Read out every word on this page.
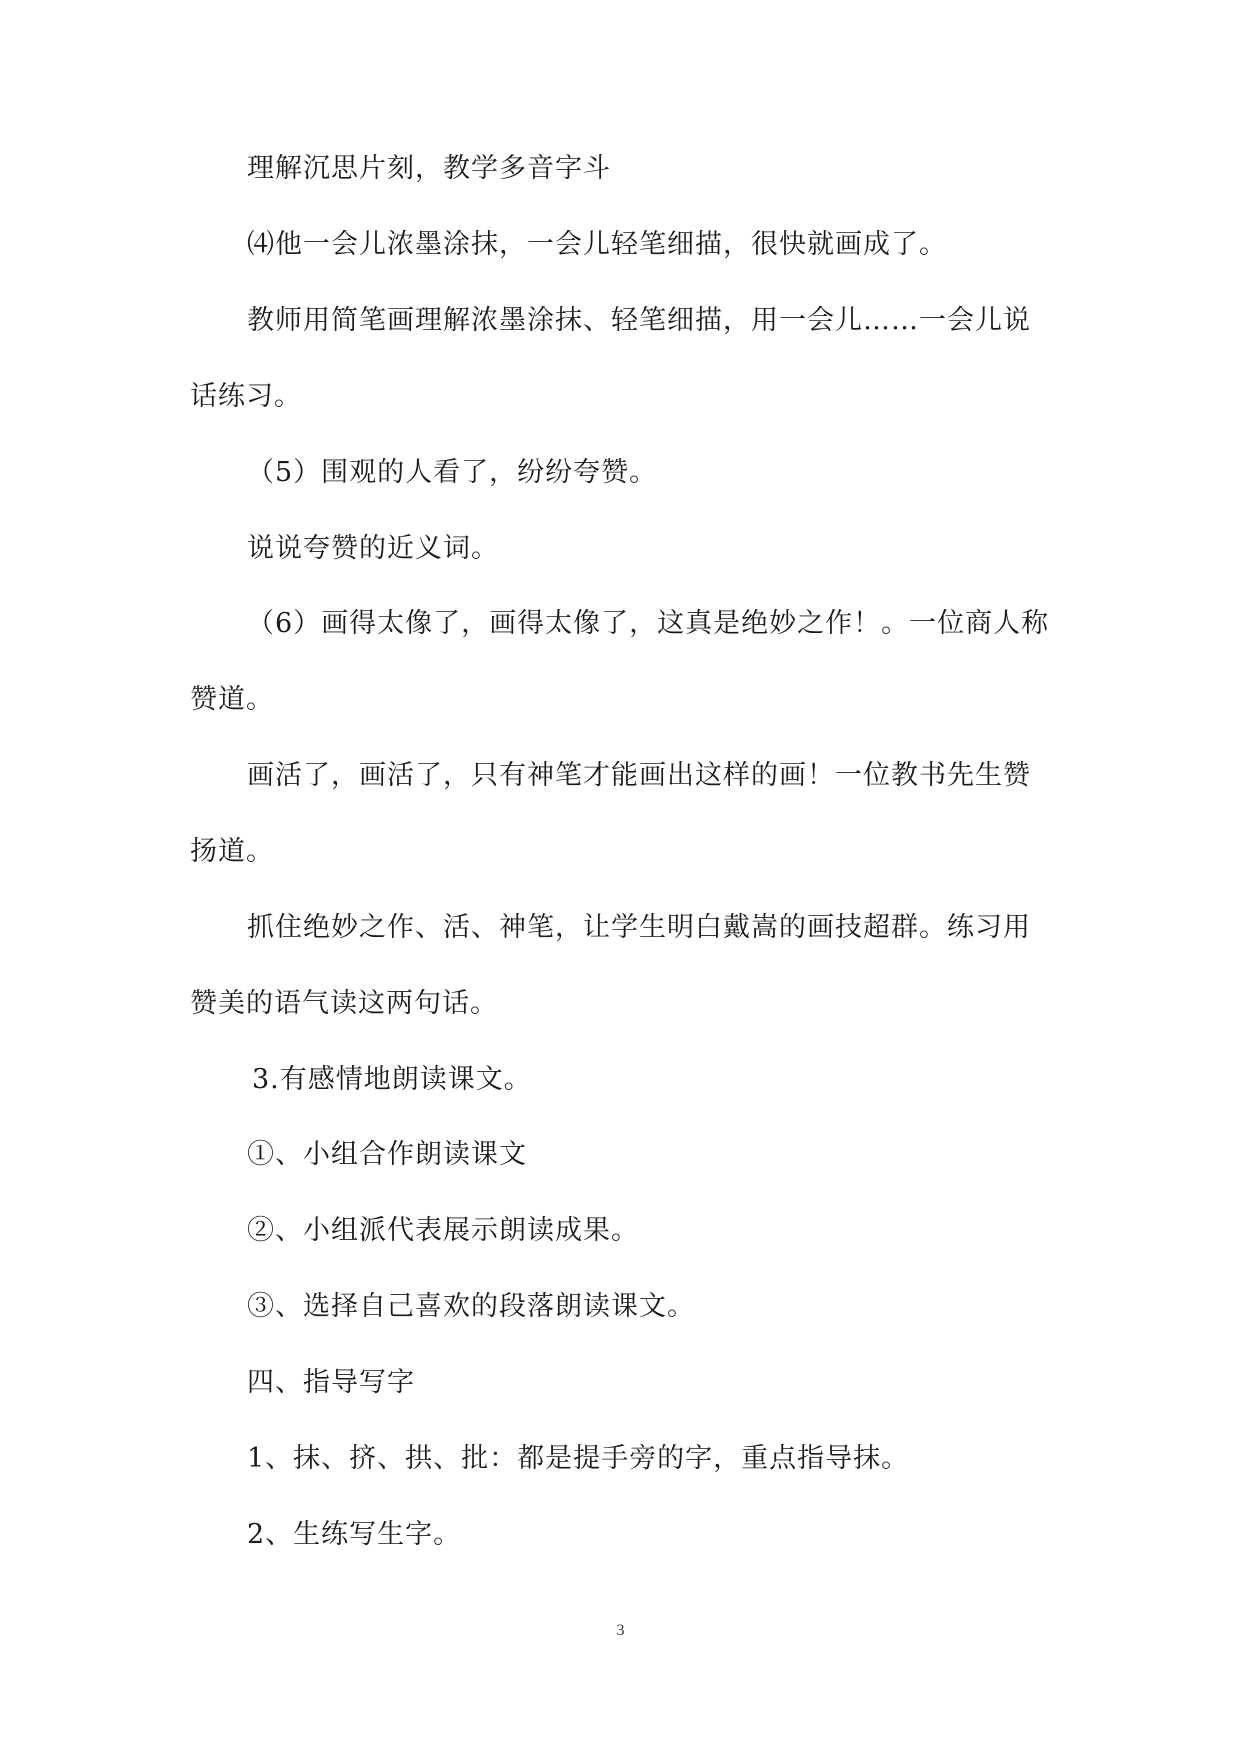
理解沉思片刻，教学多音字斗
⑷他一会儿浓墨涂抹，一会儿轻笔细描，很快就画成了。
教师用简笔画理解浓墨涂抹、轻笔细描，用一会儿……一会儿说
话练习。
（5）围观的人看了，纷纷夸赞。
说说夸赞的近义词。
（6）画得太像了，画得太像了，这真是绝妙之作！。一位商人称
赞道。
画活了，画活了，只有神笔才能画出这样的画！一位教书先生赞
扬道。
抓住绝妙之作、活、神笔，让学生明白戴嵩的画技超群。练习用
赞美的语气读这两句话。
3.有感情地朗读课文。
①、小组合作朗读课文
②、小组派代表展示朗读成果。
③、选择自己喜欢的段落朗读课文。
四、指导写字
1、抹、挤、拱、批：都是提手旁的字，重点指导抹。
2、生练写生字。
3
